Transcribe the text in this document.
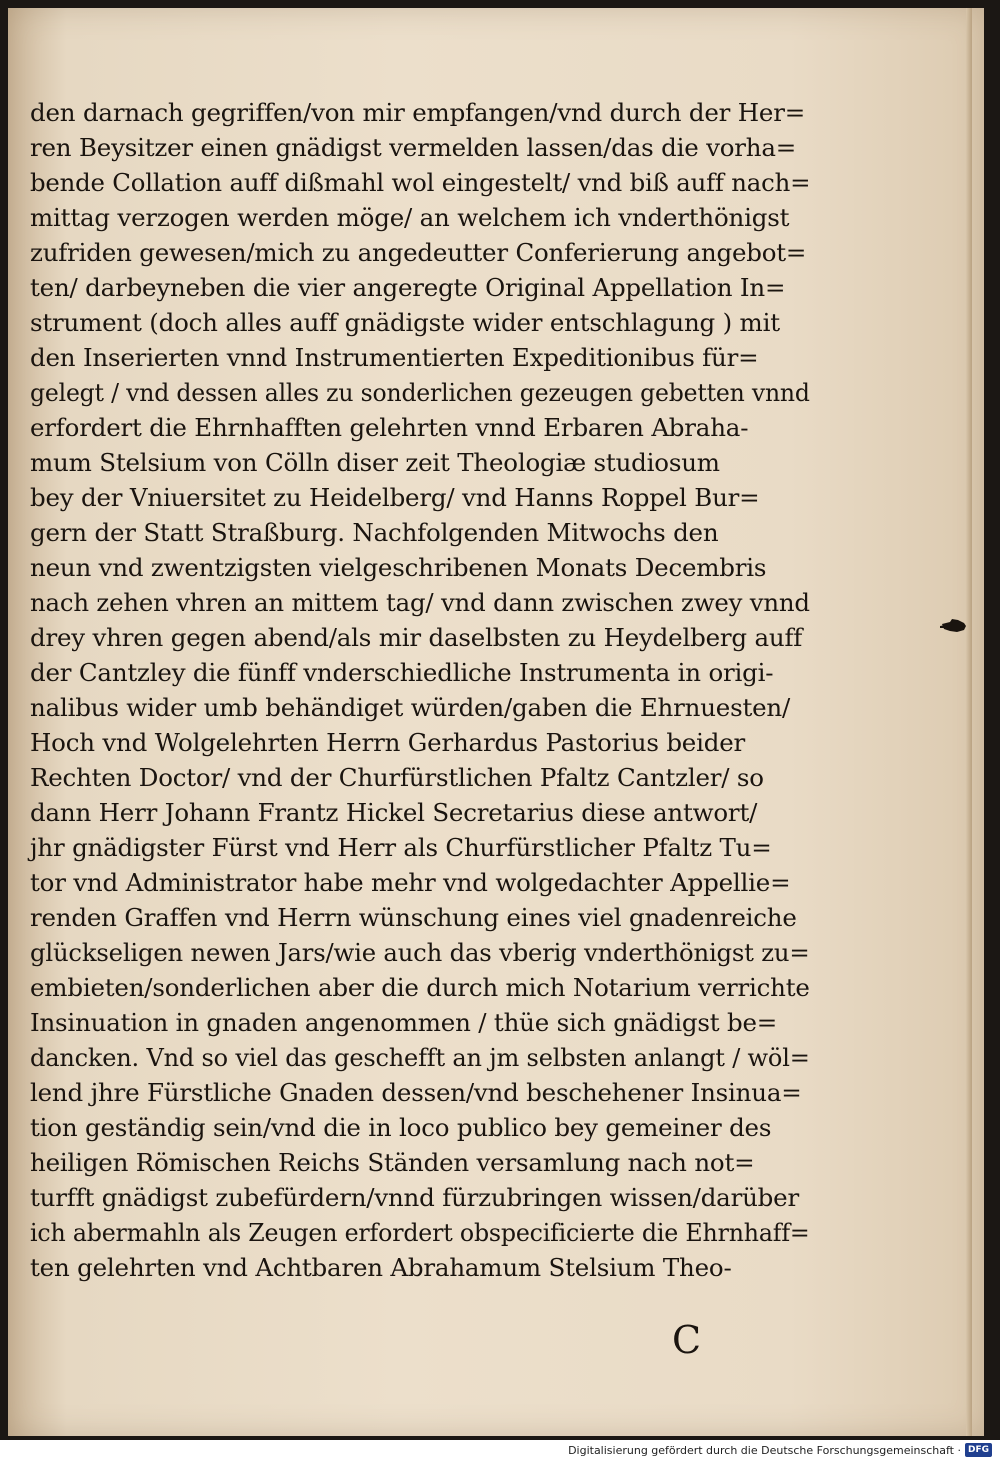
den darnach gegriffen/von mir empfangen/vnd durch der Her=
ren Beysitzer einen gnädigst vermelden lassen/das die vorha=
bende Collation auff dißmahl wol eingestelt/ vnd biß auff nach=
mittag verzogen werden möge/ an welchem ich vnderthönigst
zufriden gewesen/mich zu angedeutter Conferierung angebot=
ten/ darbeyneben die vier angeregte Original Appellation In=
strument (doch alles auff gnädigste wider entschlagung ) mit
den Inserierten vnnd Instrumentierten Expeditionibus für=
gelegt / vnd dessen alles zu sonderlichen gezeugen gebetten vnnd
erfordert die Ehrnhafften gelehrten vnnd Erbaren Abraha-
mum Stelsium von Cölln diser zeit Theologiæ studiosum
bey der Vniuersitet zu Heidelberg/ vnd Hanns Roppel Bur=
gern der Statt Straßburg. Nachfolgenden Mitwochs den
neun vnd zwentzigsten vielgeschribenen Monats Decembris
nach zehen vhren an mittem tag/ vnd dann zwischen zwey vnnd
drey vhren gegen abend/als mir daselbsten zu Heydelberg auff
der Cantzley die fünff vnderschiedliche Instrumenta in origi-
nalibus wider umb behändiget würden/gaben die Ehrnuesten/
Hoch vnd Wolgelehrten Herrn Gerhardus Pastorius beider
Rechten Doctor/ vnd der Churfürstlichen Pfaltz Cantzler/ so
dann Herr Johann Frantz Hickel Secretarius diese antwort/
jhr gnädigster Fürst vnd Herr als Churfürstlicher Pfaltz Tu=
tor vnd Administrator habe mehr vnd wolgedachter Appellie=
renden Graffen vnd Herrn wünschung eines viel gnadenreiche
glückseligen newen Jars/wie auch das vberig vnderthönigst zu=
embieten/sonderlichen aber die durch mich Notarium verrichte
Insinuation in gnaden angenommen / thüe sich gnädigst be=
dancken. Vnd so viel das geschefft an jm selbsten anlangt / wöl=
lend jhre Fürstliche Gnaden dessen/vnd beschehener Insinua=
tion geständig sein/vnd die in loco publico bey gemeiner des
heiligen Römischen Reichs Ständen versamlung nach not=
turfft gnädigst zubefürdern/vnnd fürzubringen wissen/darüber
ich abermahln als Zeugen erfordert obspecificierte die Ehrnhaff=
ten gelehrten vnd Achtbaren Abrahamum Stelsium Theo-
C
Digitalisierung gefördert durch die Deutsche Forschungsgemeinschaft · DFG
